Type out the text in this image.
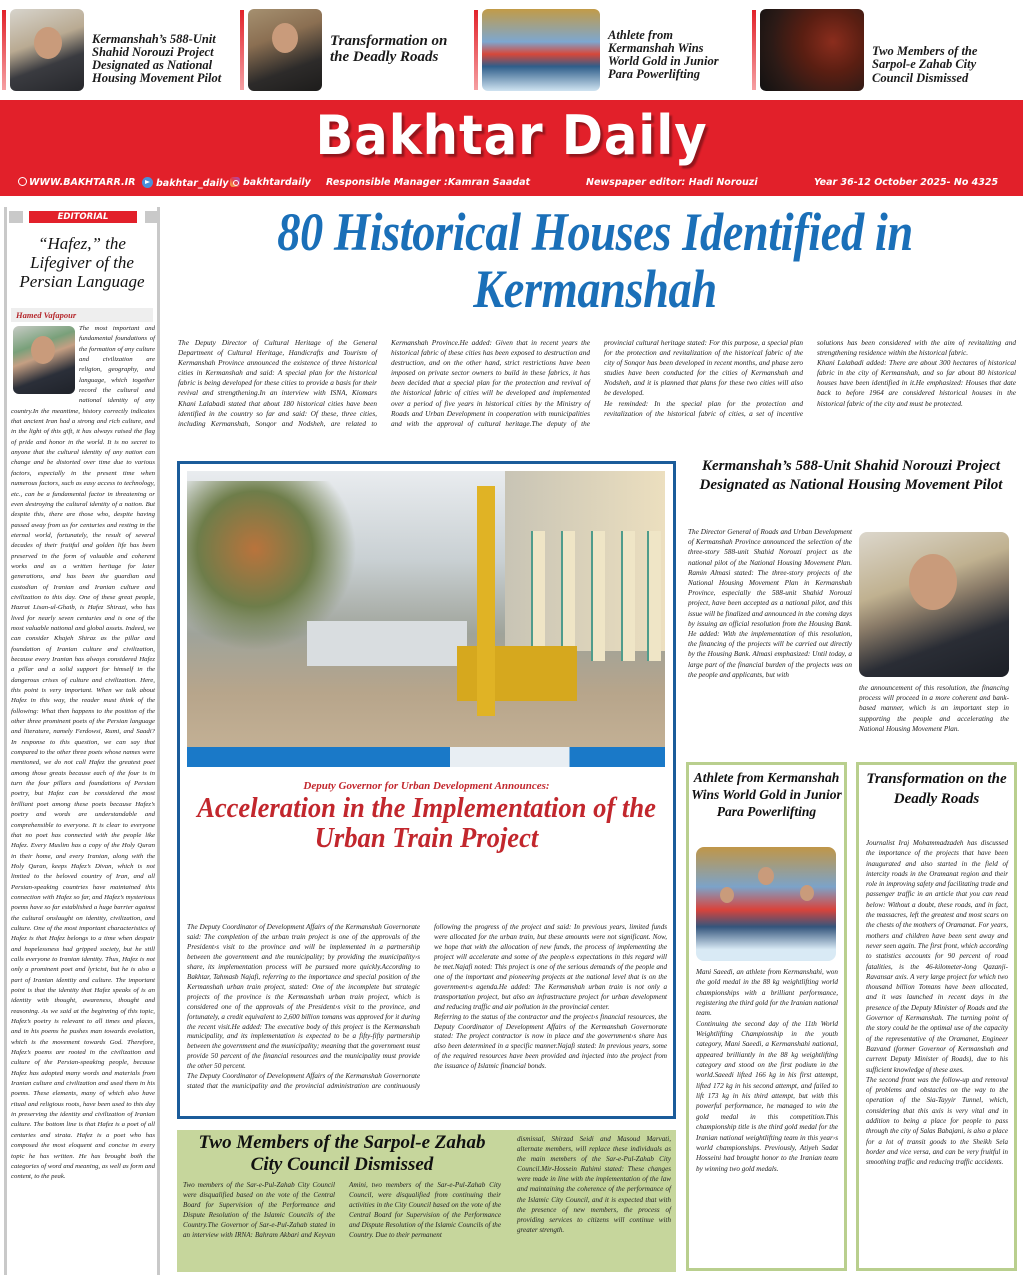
Kermanshah’s 588-Unit Shahid Norouzi Project Designated as National Housing Movement Pilot
Transformation on the Deadly Roads
Athlete from Kermanshah Wins World Gold in Junior Para Powerlifting
Two Members of the Sarpol-e Zahab City Council Dismissed
Bakhtar Daily
WWW.BAKHTARR.IR	bakhtar_daily	bakhtardaily Responsible Manager :Kamran Saadat	Newspaper editor: Hadi Norouzi	Year 36-12 October 2025- No 4325
EDITORIAL
“Hafez,” the Lifegiver of the Persian Language
Hamed Vafapour
The most important and fundamental foundations of the formation of any culture and civilization are religion, geography, and language, which together record the cultural and national identity of any country.In the meantime, history correctly indicates that ancient Iran had a strong and rich culture, and in the light of this gift, it has always raised the flag of pride and honor in the world. It is no secret to anyone that the cultural identity of any nation can change and be distorted over time due to various factors, especially in the present time when numerous factors, such as easy access to technology, etc., can be a fundamental factor in threatening or even destroying the cultural identity of a nation. But despite this, there are those who, despite having passed away from us for centuries and resting in the eternal world, fortunately, the result of several decades of their fruitful and golden life has been preserved in the form of valuable and coherent works and as a written heritage for later generations, and has been the guardian and custodian of Iranian and Iranian culture and civilization to this day. One of these great people, Hazrat Lisan-ul-Ghaib, is Hafez Shirazi, who has lived for nearly seven centuries and is one of the most valuable national and global assets. Indeed, we can consider Khajeh Shiraz as the pillar and foundation of Iranian culture and civilization, because every Iranian has always considered Hafez a pillar and a solid support for himself in the dangerous crises of culture and civilization. Here, this point is very important. When we talk about Hafez in this way, the reader must think of the following: What then happens to the position of the other three prominent poets of the Persian language and literature, namely Ferdowsi, Rumi, and Saadi? In response to this question, we can say that compared to the other three poets whose names were mentioned, we do not call Hafez the greatest poet among those greats because each of the four is in turn the four pillars and foundations of Persian poetry, but Hafez can be considered the most brilliant poet among these poets because Hafez’s poetry and words are understandable and comprehensible to everyone. It is clear to everyone that no poet has connected with the people like Hafez. Every Muslim has a copy of the Holy Quran in their home, and every Iranian, along with the Holy Quran, keeps Hafez’s Divan, which is not limited to the beloved country of Iran, and all Persian-speaking countries have maintained this connection with Hafez so far, and Hafez’s mysterious poems have so far established a huge barrier against the cultural onslaught on identity, civilization, and culture. One of the most important characteristics of Hafez is that Hafez belongs to a time when despair and hopelessness had gripped society, but he still calls everyone to Iranian identity. Thus, Hafez is not only a prominent poet and lyricist, but he is also a part of Iranian identity and culture. The important point is that the identity that Hafez speaks of is an identity with thought, awareness, thought and reasoning. As we said at the beginning of this topic, Hafez’s poetry is relevant to all times and places, and in his poems he pushes man towards evolution, which is the movement towards God. Therefore, Hafez’s poems are rooted in the civilization and culture of the Persian-speaking people, because Hafez has adopted many words and materials from Iranian culture and civilization and used them in his poems. These elements, many of which also have ritual and religious roots, have been used to this day in preserving the identity and civilization of Iranian culture. The bottom line is that Hafez is a poet of all centuries and strata. Hafez is a poet who has composed the most eloquent and concise in every topic he has written. He has brought both the categories of word and meaning, as well as form and content, to the peak.
80 Historical Houses Identified in Kermanshah

The Deputy Director of Cultural Heritage of the General Department of Cultural Heritage, Handicrafts and Tourism of Kermanshah Province announced the existence of three historical cities in Kermanshah and said: A special plan for the historical fabric is being developed for these cities to provide a basis for their revival and strengthening.In an interview with ISNA, Kiomars Khani Lalabadi stated that about 180 historical cities have been identified in the country so far and said: Of these, three cities, including Kermanshah, Sonqor and Nodsheh, are related to Kermanshah Province.He added: Given that in recent years the historical fabric of these cities has been exposed to destruction and destruction, and on the other hand, strict restrictions have been imposed on private sector owners to build in these fabrics, it has been decided that a special plan for the protection and revival of the historical fabric of cities will be developed and implemented over a period of five years in historical cities by the Ministry of Roads and Urban Development in cooperation with municipalities and with the approval of cultural heritage.The deputy of the provincial cultural heritage stated: For this purpose, a special plan for the protection and revitalization of the historical fabric of the city of Sonqor has been developed in recent months, and phase zero studies have been conducted for the cities of Kermanshah and Nodsheh, and it is planned that plans for these two cities will also be developed.

He reminded: In the special plan for the protection and revitalization of the historical fabric of cities, a set of incentive solutions has been considered with the aim of revitalizing and strengthening residence within the historical fabric.

Khani Lalabadi added: There are about 300 hectares of historical fabric in the city of Kermanshah, and so far about 80 historical houses have been identified in it.He emphasized: Houses that date back to before 1964 are considered historical houses in the historical fabric of the city and must be protected.

Deputy Governor for Urban Development Announces:
Acceleration in the Implementation of the Urban Train Project

The Deputy Coordinator of Development Affairs of the Kermanshah Governorate said: The completion of the urban train project is one of the approvals of the President›s visit to the province and will be implemented in a partnership between the government and the municipality; by providing the municipality›s share, its implementation process will be pursued more quickly.According to Bakhtar, Tahmasb Najafi, referring to the importance and special position of the Kermanshah urban train project, stated: One of the incomplete but strategic projects of the province is the Kermanshah urban train project, which is considered one of the approvals of the President›s visit to the province, and fortunately, a credit equivalent to 2,600 billion tomans was approved for it during the recent visit.He added: The executive body of this project is the Kermanshah municipality, and its implementation is expected to be a fifty-fifty partnership between the government and the municipality; meaning that the government must provide 50 percent of the financial resources and the municipality must provide the other 50 percent.

The Deputy Coordinator of Development Affairs of the Kermanshah Governorate stated that the municipality and the provincial administration are continuously following the progress of the project and said: In previous years, limited funds were allocated for the urban train, but these amounts were not significant. Now, we hope that with the allocation of new funds, the process of implementing the project will accelerate and some of the people›s expectations in this regard will be met.Najafi noted: This project is one of the serious demands of the people and one of the important and pioneering projects at the national level that is on the government›s agenda.He added: The Kermanshah urban train is not only a transportation project, but also an infrastructure project for urban development and reducing traffic and air pollution in the provincial center.

Referring to the status of the contractor and the project›s financial resources, the Deputy Coordinator of Development Affairs of the Kermanshah Governorate stated: The project contractor is now in place and the government›s share has also been determined in a specific manner.Najafi stated: In previous years, some of the required resources have been provided and injected into the project from the issuance of Islamic financial bonds.

Two Members of the Sarpol-e Zahab City Council Dismissed
Two members of the Sar-e-Pul-Zahab City Council were disqualified based on the vote of the Central Board for Supervision of the Performance and Dispute Resolution of the Islamic Councils of the Country.The Governor of Sar-e-Pul-Zahab stated in an interview with IRNA: Bahram Akbari and Keyvan Amini, two members of the Sar-e-Pul-Zahab City Council, were disqualified from continuing their activities in the City Council based on the vote of the Central Board for Supervision of the Performance and Dispute Resolution of the Islamic Councils of the Country. Due to their permanent
dismissal, Shirzad Seidi and Masoud Marvati, alternate members, will replace these individuals as the main members of the Sar-e-Pul-Zahab City Council.Mir-Hossein Rahimi stated: These changes were made in line with the implementation of the law and maintaining the coherence of the performance of the Islamic City Council, and it is expected that with the presence of new members, the process of providing services to citizens will continue with greater strength.
Kermanshah’s 588-Unit Shahid Norouzi Project Designated as National Housing Movement Pilot
The Director General of Roads and Urban Development of Kermanshah Province announced the selection of the three-story 588-unit Shahid Norouzi project as the national pilot of the National Housing Movement Plan. Ramin Almasi stated: The three-story projects of the National Housing Movement Plan in Kermanshah Province, especially the 588-unit Shahid Norouzi project, have been accepted as a national pilot, and this issue will be finalized and announced in the coming days by issuing an official resolution from the Housing Bank. He added: With the implementation of this resolution, the financing of the projects will be carried out directly by the Housing Bank. Almasi emphasized: Until today, a large part of the financial burden of the projects was on the people and applicants, but with
the announcement of this resolution, the financing process will proceed in a more coherent and bank-based manner, which is an important step in supporting the people and accelerating the National Housing Movement Plan.
Athlete from Kermanshah Wins World Gold in Junior Para Powerlifting

Mani Saeedi, an athlete from Kermanshahi, won the gold medal in the 88 kg weightlifting world championships with a brilliant performance, registering the third gold for the Iranian national team.

Continuing the second day of the 11th World Weightlifting Championship in the youth category, Mani Saeedi, a Kermanshahi national, appeared brilliantly in the 88 kg weightlifting category and stood on the first podium in the world.Saeedi lifted 166 kg in his first attempt, lifted 172 kg in his second attempt, and failed to lift 173 kg in his third attempt, but with this powerful performance, he managed to win the gold medal in this competition.This championship title is the third gold medal for the Iranian national weightlifting team in this year›s world championships. Previously, Atiyeh Sadat Hosseini had brought honor to the Iranian team by winning two gold medals.

Transformation on the Deadly Roads

Journalist Iraj Mohammadzadeh has discussed the importance of the projects that have been inaugurated and also started in the field of intercity roads in the Oramanat region and their role in improving safety and facilitating trade and passenger traffic in an article that you can read below: Without a doubt, these roads, and in fact, the massacres, left the greatest and most scars on the chests of the mothers of Oramanat. For years, mothers and children have been sent away and never seen again. The first front, which according to statistics accounts for 90 percent of road fatalities, is the 46-kilometer-long Qazanji-Ravansar axis. A very large project for which two thousand billion Tomans have been allocated, and it was launched in recent days in the presence of the Deputy Minister of Roads and the Governor of Kermanshah. The turning point of the story could be the optimal use of the capacity of the representative of the Oramanet, Engineer Bazvand (former Governor of Kermanshah and current Deputy Minister of Roads), due to his sufficient knowledge of these axes.

The second front was the follow-up and removal of problems and obstacles on the way to the operation of the Sia-Tayyir Tunnel, which, considering that this axis is very vital and in addition to being a place for people to pass through the city of Salas Babajani, is also a place for a lot of transit goods to the Sheikh Sela border and vice versa, and can be very fruitful in smoothing traffic and reducing traffic accidents.
